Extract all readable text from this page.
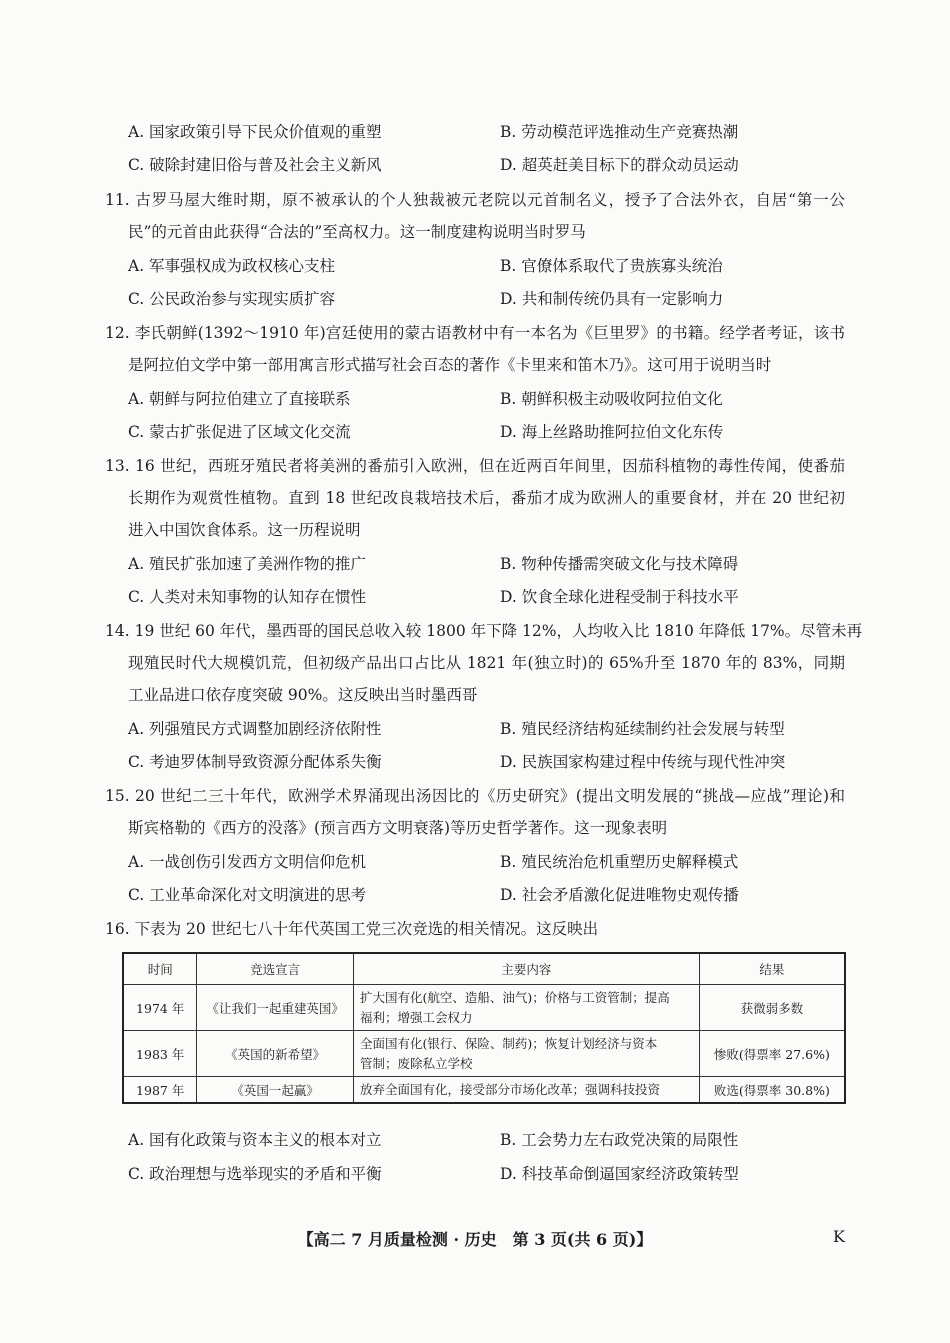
A. 国家政策引导下民众价值观的重塑	B. 劳动模范评选推动生产竞赛热潮
C. 破除封建旧俗与普及社会主义新风	D. 超英赶美目标下的群众动员运动
11. 古罗马屋大维时期，原不被承认的个人独裁被元老院以元首制名义，授予了合法外衣，自居“第一公
民”的元首由此获得“合法的”至高权力。这一制度建构说明当时罗马
A. 军事强权成为政权核心支柱	B. 官僚体系取代了贵族寡头统治
C. 公民政治参与实现实质扩容	D. 共和制传统仍具有一定影响力
12. 李氏朝鲜(1392～1910 年)宫廷使用的蒙古语教材中有一本名为《巨里罗》的书籍。经学者考证，该书
是阿拉伯文学中第一部用寓言形式描写社会百态的著作《卡里来和笛木乃》。这可用于说明当时
A. 朝鲜与阿拉伯建立了直接联系	B. 朝鲜积极主动吸收阿拉伯文化
C. 蒙古扩张促进了区域文化交流	D. 海上丝路助推阿拉伯文化东传
13. 16 世纪，西班牙殖民者将美洲的番茄引入欧洲，但在近两百年间里，因茄科植物的毒性传闻，使番茄
长期作为观赏性植物。直到 18 世纪改良栽培技术后，番茄才成为欧洲人的重要食材，并在 20 世纪初
进入中国饮食体系。这一历程说明
A. 殖民扩张加速了美洲作物的推广	B. 物种传播需突破文化与技术障碍
C. 人类对未知事物的认知存在惯性	D. 饮食全球化进程受制于科技水平
14. 19 世纪 60 年代，墨西哥的国民总收入较 1800 年下降 12%，人均收入比 1810 年降低 17%。尽管未再
现殖民时代大规模饥荒，但初级产品出口占比从 1821 年(独立时)的 65%升至 1870 年的 83%，同期
工业品进口依存度突破 90%。这反映出当时墨西哥
A. 列强殖民方式调整加剧经济依附性	B. 殖民经济结构延续制约社会发展与转型
C. 考迪罗体制导致资源分配体系失衡	D. 民族国家构建过程中传统与现代性冲突
15. 20 世纪二三十年代，欧洲学术界涌现出汤因比的《历史研究》(提出文明发展的“挑战—应战”理论)和
斯宾格勒的《西方的没落》(预言西方文明衰落)等历史哲学著作。这一现象表明
A. 一战创伤引发西方文明信仰危机	B. 殖民统治危机重塑历史解释模式
C. 工业革命深化对文明演进的思考	D. 社会矛盾激化促进唯物史观传播
16. 下表为 20 世纪七八十年代英国工党三次竞选的相关情况。这反映出
时间	竞选宣言	主要内容	结果
1974 年	《让我们一起重建英国》	扩大国有化(航空、造船、油气)；价格与工资管制；提高
福利；增强工会权力	获微弱多数
1983 年	《英国的新希望》	全面国有化(银行、保险、制药)；恢复计划经济与资本
管制；废除私立学校	惨败(得票率 27.6%)
1987 年	《英国一起赢》	放弃全面国有化，接受部分市场化改革；强调科技投资	败选(得票率 30.8%)
A. 国有化政策与资本主义的根本对立	B. 工会势力左右政党决策的局限性
C. 政治理想与选举现实的矛盾和平衡	D. 科技革命倒逼国家经济政策转型
【高二 7 月质量检测 · 历史　第 3 页(共 6 页)】	K
